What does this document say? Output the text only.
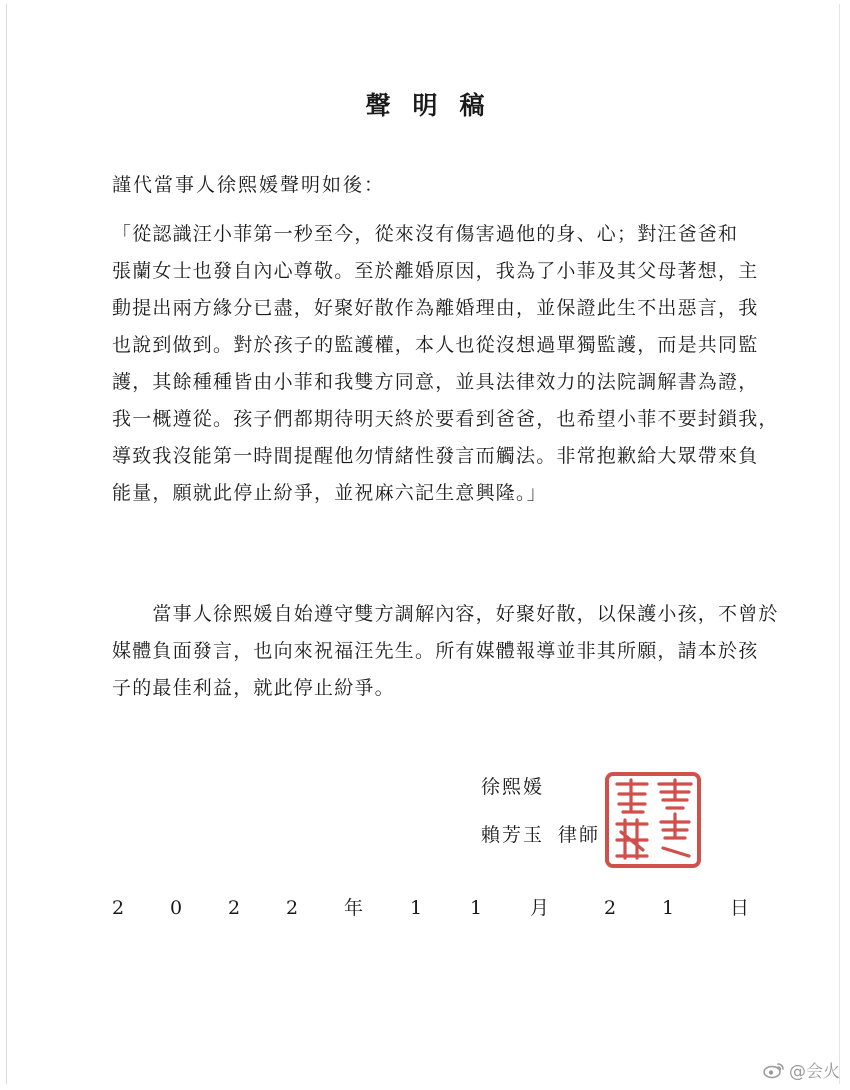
聲明稿
謹代當事人徐熙媛聲明如後：
「從認識汪小菲第一秒至今，從來沒有傷害過他的身、心；對汪爸爸和
張蘭女士也發自內心尊敬。至於離婚原因，我為了小菲及其父母著想，主
動提出兩方緣分已盡，好聚好散作為離婚理由，並保證此生不出惡言，我
也說到做到。對於孩子的監護權，本人也從沒想過單獨監護，而是共同監
護，其餘種種皆由小菲和我雙方同意，並具法律效力的法院調解書為證，
我一概遵從。孩子們都期待明天終於要看到爸爸，也希望小菲不要封鎖我，
導致我沒能第一時間提醒他勿情緒性發言而觸法。非常抱歉給大眾帶來負
能量，願就此停止紛爭，並祝麻六記生意興隆。」
　　當事人徐熙媛自始遵守雙方調解內容，好聚好散，以保護小孩，不曾於
媒體負面發言，也向來祝福汪先生。所有媒體報導並非其所願，請本於孩
子的最佳利益，就此停止紛爭。
徐熙媛
賴芳玉 律師
2 0 2 2 年 1	1	月	2 1	日
@会火
